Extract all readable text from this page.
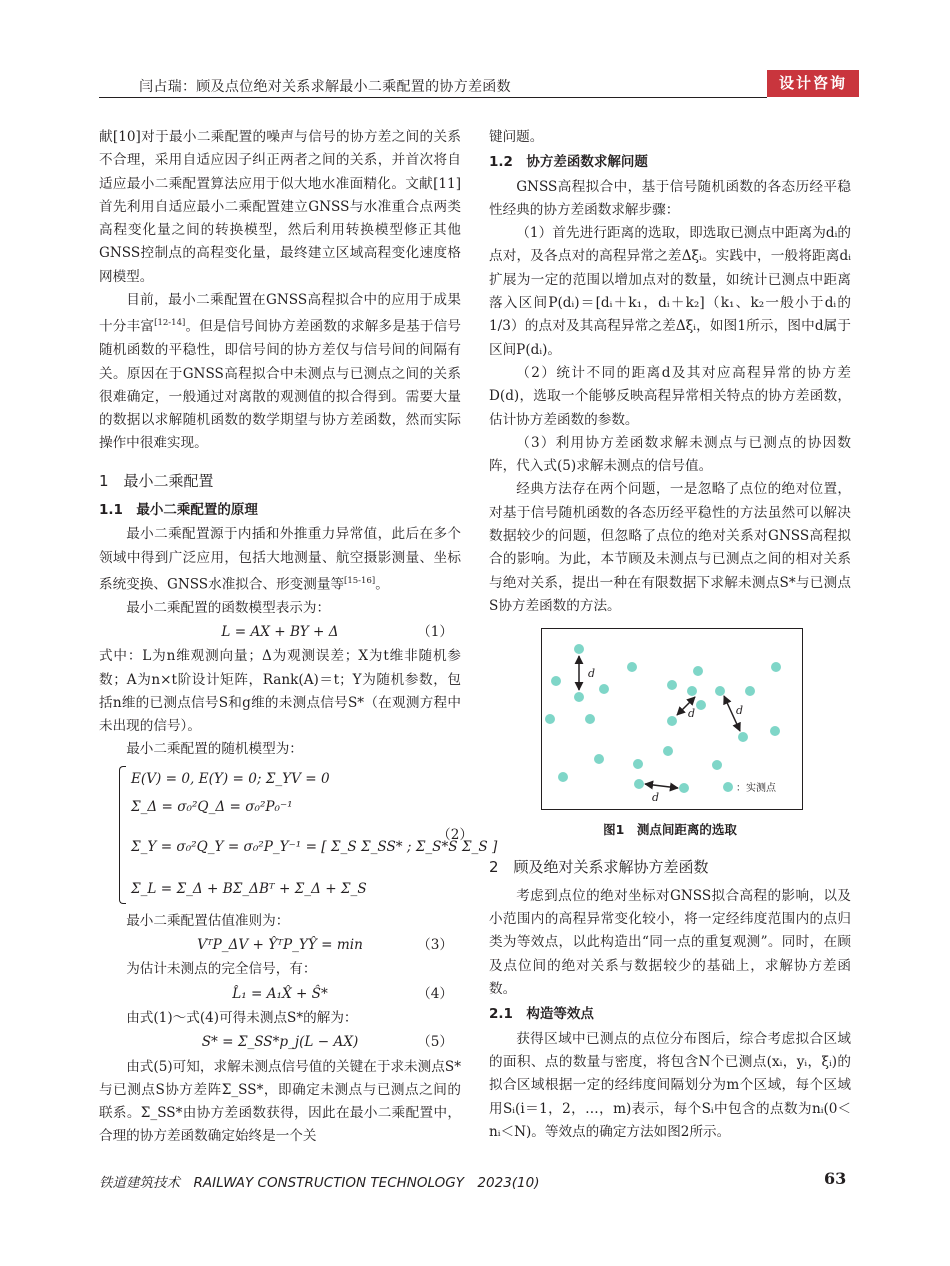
闫占瑞：顾及点位绝对关系求解最小二乘配置的协方差函数	设计咨询

献[10]对于最小二乘配置的噪声与信号的协方差之间的关系不合理，采用自适应因子纠正两者之间的关系，并首次将自适应最小二乘配置算法应用于似大地水准面精化。文献[11]首先利用自适应最小二乘配置建立GNSS与水准重合点两类高程变化量之间的转换模型，然后利用转换模型修正其他GNSS控制点的高程变化量，最终建立区域高程变化速度格网模型。

目前，最小二乘配置在GNSS高程拟合中的应用于成果十分丰富[12-14]。但是信号间协方差函数的求解多是基于信号随机函数的平稳性，即信号间的协方差仅与信号间的间隔有关。原因在于GNSS高程拟合中未测点与已测点之间的关系很难确定，一般通过对离散的观测值的拟合得到。需要大量的数据以求解随机函数的数学期望与协方差函数，然而实际操作中很难实现。

1　最小二乘配置
1.1　最小二乘配置的原理

最小二乘配置源于内插和外推重力异常值，此后在多个领域中得到广泛应用，包括大地测量、航空摄影测量、坐标系统变换、GNSS水准拟合、形变测量等[15-16]。

最小二乘配置的函数模型表示为：

L = AX + BY + Δ	（1）

式中：L为n维观测向量；Δ为观测误差；X为t维非随机参数；A为n×t阶设计矩阵，Rank(A)＝t；Y为随机参数，包括n维的已测点信号S和g维的未测点信号S*（在观测方程中未出现的信号）。

最小二乘配置的随机模型为：

E(V) = 0, E(Y) = 0; Σ_YV = 0
Σ_Δ = σ₀²Q_Δ = σ₀²P₀⁻¹
Σ_Y = σ₀²Q_Y = σ₀²P_Y⁻¹ = [ Σ_S Σ_SS* ; Σ_S*S Σ_S ]
Σ_L = Σ_Δ + BΣ_ΔBᵀ + Σ_Δ + Σ_S
（2）

最小二乘配置估值准则为：

VᵀP_ΔV + ŶᵀP_YŶ = min	（3）

为估计未测点的完全信号，有：

L̂₁ = A₁X̂ + Ŝ*	（4）

由式(1)～式(4)可得未测点S*的解为：

S* = Σ_SS*p_j(L − AX)	（5）

由式(5)可知，求解未测点信号值的关键在于求未测点S*与已测点S协方差阵Σ_SS*，即确定未测点与已测点之间的联系。Σ_SS*由协方差函数获得，因此在最小二乘配置中，合理的协方差函数确定始终是一个关

键问题。

1.2　协方差函数求解问题

GNSS高程拟合中，基于信号随机函数的各态历经平稳性经典的协方差函数求解步骤：

（1）首先进行距离的选取，即选取已测点中距离为dᵢ的点对，及各点对的高程异常之差Δξᵢ。实践中，一般将距离dᵢ扩展为一定的范围以增加点对的数量，如统计已测点中距离落入区间P(dᵢ)＝[dᵢ＋k₁，dᵢ＋k₂]（k₁、k₂一般小于dᵢ的1/3）的点对及其高程异常之差Δξᵢ，如图1所示，图中d属于区间P(dᵢ)。

（2）统计不同的距离d及其对应高程异常的协方差D(d)，选取一个能够反映高程异常相关特点的协方差函数，估计协方差函数的参数。

（3）利用协方差函数求解未测点与已测点的协因数阵，代入式(5)求解未测点的信号值。

经典方法存在两个问题，一是忽略了点位的绝对位置，对基于信号随机函数的各态历经平稳性的方法虽然可以解决数据较少的问题，但忽略了点位的绝对关系对GNSS高程拟合的影响。为此，本节顾及未测点与已测点之间的相对关系与绝对关系，提出一种在有限数据下求解未测点S*与已测点S协方差函数的方法。

d
d	d
d
：实测点
图1　测点间距离的选取
2　顾及绝对关系求解协方差函数

考虑到点位的绝对坐标对GNSS拟合高程的影响，以及小范围内的高程异常变化较小，将一定经纬度范围内的点归类为等效点，以此构造出“同一点的重复观测”。同时，在顾及点位间的绝对关系与数据较少的基础上，求解协方差函数。

2.1　构造等效点

获得区域中已测点的点位分布图后，综合考虑拟合区域的面积、点的数量与密度，将包含N个已测点(xᵢ，yᵢ，ξᵢ)的拟合区域根据一定的经纬度间隔划分为m个区域，每个区域用Sᵢ(i＝1，2，…，m)表示，每个Sᵢ中包含的点数为nᵢ(0＜nᵢ＜N)。等效点的确定方法如图2所示。

铁道建筑技术　RAILWAY CONSTRUCTION TECHNOLOGY　2023(10)	63
